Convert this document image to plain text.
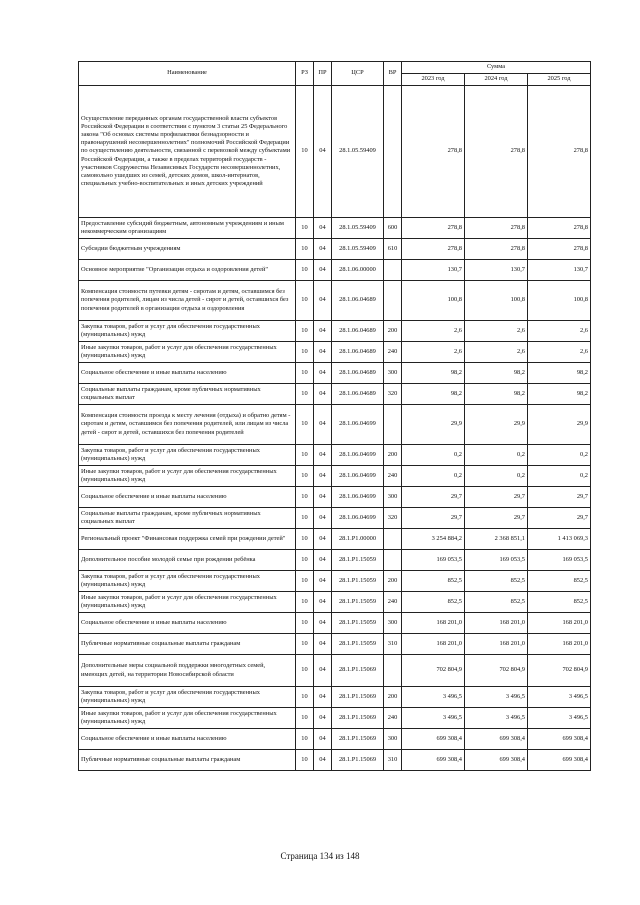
Наименование	РЗ	ПР	ЦСР	ВР	Сумма		
					2023 год	2024 год	2025 год
Осуществление переданных органам государственной власти субъектов Российской Федерации в соответствии с пунктом 3 статьи 25 Федерального закона "Об основах системы профилактики безнадзорности и правонарушений несовершеннолетних" полномочий Российской Федерации по осуществлению деятельности, связанной с перевозкой между субъектами Российской Федерации, а также в пределах территорий государств - участников Содружества Независимых Государств несовершеннолетних, самовольно ушедших из семей, детских домов, школ-интернатов, специальных учебно-воспитательных и иных детских учреждений	10	04	28.1.05.59409		278,8	278,8	278,8
Предоставление субсидий бюджетным, автономным учреждениям и иным некоммерческим организациям	10	04	28.1.05.59409	600	278,8	278,8	278,8
Субсидии бюджетным учреждениям	10	04	28.1.05.59409	610	278,8	278,8	278,8
Основное мероприятие "Организация отдыха и оздоровления детей"	10	04	28.1.06.00000		130,7	130,7	130,7
Компенсация стоимости путевки детям - сиротам и детям, оставшимся без попечения родителей, лицам из числа детей - сирот и детей, оставшихся без попечения родителей в организации отдыха и оздоровления	10	04	28.1.06.04689		100,8	100,8	100,8
Закупка товаров, работ и услуг для обеспечения государственных (муниципальных) нужд	10	04	28.1.06.04689	200	2,6	2,6	2,6
Иные закупки товаров, работ и услуг для обеспечения государственных (муниципальных) нужд	10	04	28.1.06.04689	240	2,6	2,6	2,6
Социальное обеспечение и иные выплаты населению	10	04	28.1.06.04689	300	98,2	98,2	98,2
Социальные выплаты гражданам, кроме публичных нормативных социальных выплат	10	04	28.1.06.04689	320	98,2	98,2	98,2
Компенсация стоимости проезда к месту лечения (отдыха) и обратно детям - сиротам и детям, оставшимся без попечения родителей, или лицам из числа детей - сирот и детей, оставшихся без попечения родителей	10	04	28.1.06.04699		29,9	29,9	29,9
Закупка товаров, работ и услуг для обеспечения государственных (муниципальных) нужд	10	04	28.1.06.04699	200	0,2	0,2	0,2
Иные закупки товаров, работ и услуг для обеспечения государственных (муниципальных) нужд	10	04	28.1.06.04699	240	0,2	0,2	0,2
Социальное обеспечение и иные выплаты населению	10	04	28.1.06.04699	300	29,7	29,7	29,7
Социальные выплаты гражданам, кроме публичных нормативных социальных выплат	10	04	28.1.06.04699	320	29,7	29,7	29,7
Региональный проект "Финансовая поддержка семей при рождении детей"	10	04	28.1.P1.00000		3 254 884,2	2 368 851,1	1 413 069,3
Дополнительное пособие молодой семье при рождении ребёнка	10	04	28.1.P1.15059		169 053,5	169 053,5	169 053,5
Закупка товаров, работ и услуг для обеспечения государственных (муниципальных) нужд	10	04	28.1.P1.15059	200	852,5	852,5	852,5
Иные закупки товаров, работ и услуг для обеспечения государственных (муниципальных) нужд	10	04	28.1.P1.15059	240	852,5	852,5	852,5
Социальное обеспечение и иные выплаты населению	10	04	28.1.P1.15059	300	168 201,0	168 201,0	168 201,0
Публичные нормативные социальные выплаты гражданам	10	04	28.1.P1.15059	310	168 201,0	168 201,0	168 201,0
Дополнительные меры социальной поддержки многодетных семей, имеющих детей, на территории Новосибирской области	10	04	28.1.P1.15069		702 804,9	702 804,9	702 804,9
Закупка товаров, работ и услуг для обеспечения государственных (муниципальных) нужд	10	04	28.1.P1.15069	200	3 496,5	3 496,5	3 496,5
Иные закупки товаров, работ и услуг для обеспечения государственных (муниципальных) нужд	10	04	28.1.P1.15069	240	3 496,5	3 496,5	3 496,5
Социальное обеспечение и иные выплаты населению	10	04	28.1.P1.15069	300	699 308,4	699 308,4	699 308,4
Публичные нормативные социальные выплаты гражданам	10	04	28.1.P1.15069	310	699 308,4	699 308,4	699 308,4
Страница 134 из 148
